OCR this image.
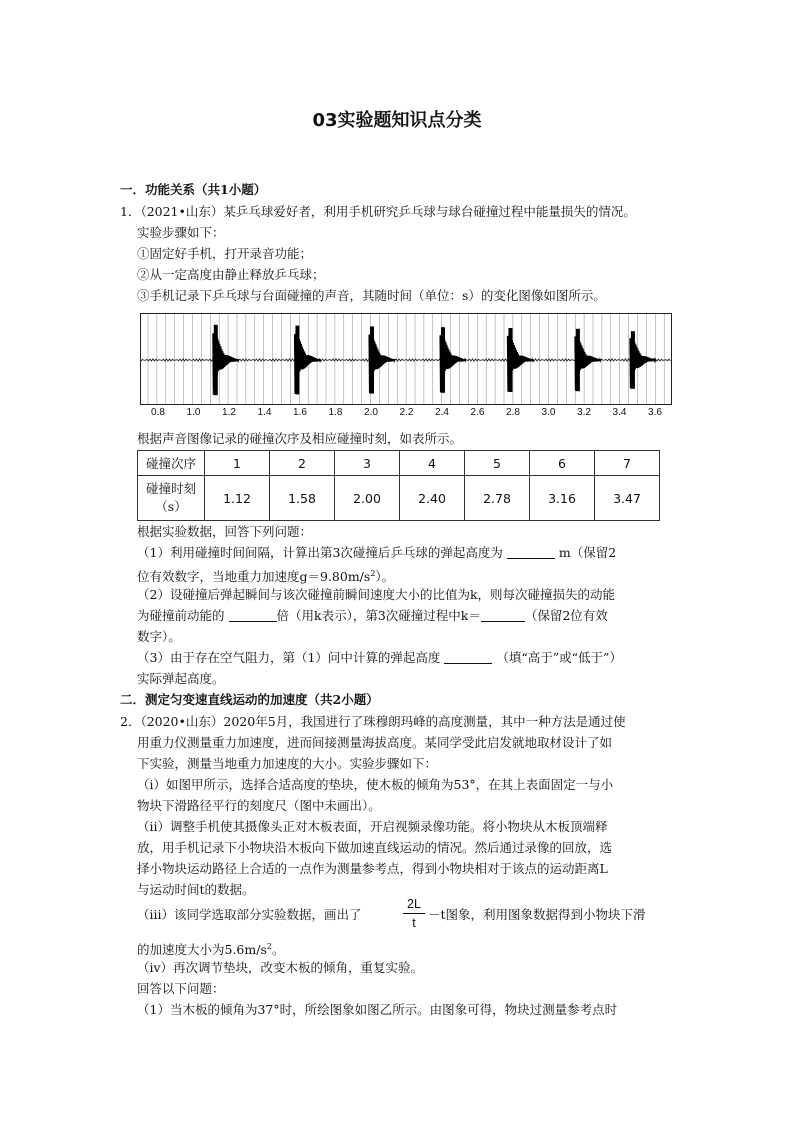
03实验题知识点分类
一．功能关系（共1小题）
1．（2021•山东）某乒乓球爱好者，利用手机研究乒乓球与球台碰撞过程中能量损失的情况。
实验步骤如下：
①固定好手机，打开录音功能；
②从一定高度由静止释放乒乓球；
③手机记录下乒乓球与台面碰撞的声音，其随时间（单位：s）的变化图像如图所示。
0.8 1.0 1.2 1.4 1.6 1.8 2.0 2.2 2.4 2.6 2.8 3.0 3.2 3.4 3.6
根据声音图像记录的碰撞次序及相应碰撞时刻，如表所示。
碰撞次序	1	2	3	4	5	6	7
碰撞时刻
（s）	1.12	1.58	2.00	2.40	2.78	3.16	3.47
根据实验数据，回答下列问题：
（1）利用碰撞时间间隔，计算出第3次碰撞后乒乓球的弹起高度为	m（保留2
位有效数字，当地重力加速度$g=9.80m/s^2$）。
（2）设碰撞后弹起瞬间与该次碰撞前瞬间速度大小的比值为k，则每次碰撞损失的动能
为碰撞前动能的	倍（用k表示），第3次碰撞过程中k＝	（保留2位有效
数字）。
（3）由于存在空气阻力，第（1）问中计算的弹起高度	（填“高于”或“低于”）
实际弹起高度。
二．测定匀变速直线运动的加速度（共2小题）
2．（2020•山东）2020年5月，我国进行了珠穆朗玛峰的高度测量，其中一种方法是通过使
用重力仪测量重力加速度，进而间接测量海拔高度。某同学受此启发就地取材设计了如
下实验，测量当地重力加速度的大小。实验步骤如下：
（i）如图甲所示，选择合适高度的垫块，使木板的倾角为53°，在其上表面固定一与小
物块下滑路径平行的刻度尺（图中未画出）。
（ii）调整手机使其摄像头正对木板表面，开启视频录像功能。将小物块从木板顶端释
放，用手机记录下小物块沿木板向下做加速直线运动的情况。然后通过录像的回放，选
择小物块运动路径上合适的一点作为测量参考点，得到小物块相对于该点的运动距离L
与运动时间t的数据。
（iii）该同学选取部分实验数据，画出了
2L
t
－t图象，利用图象数据得到小物块下滑
的加速度大小为$5.6m/s^2$。
（iv）再次调节垫块，改变木板的倾角，重复实验。
回答以下问题：
（1）当木板的倾角为37°时，所绘图象如图乙所示。由图象可得，物块过测量参考点时
